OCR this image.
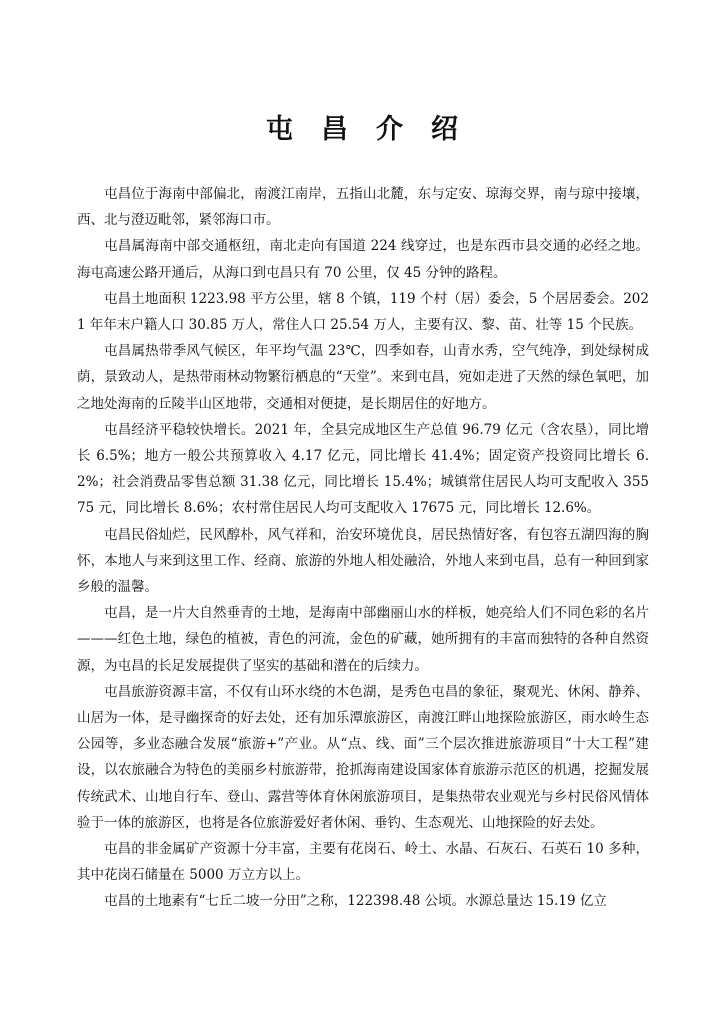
屯昌介绍

屯昌位于海南中部偏北，南渡江南岸，五指山北麓，东与定安、琼海交界，南与琼中接壤，西、北与澄迈毗邻，紧邻海口市。

屯昌属海南中部交通枢纽，南北走向有国道 224 线穿过，也是东西市县交通的必经之地。海屯高速公路开通后，从海口到屯昌只有 70 公里，仅 45 分钟的路程。

屯昌土地面积 1223.98 平方公里，辖 8 个镇，119 个村（居）委会，5 个居居委会。2021 年年末户籍人口 30.85 万人，常住人口 25.54 万人，主要有汉、黎、苗、壮等 15 个民族。

屯昌属热带季风气候区，年平均气温 23℃，四季如春，山青水秀，空气纯净，到处绿树成荫，景致动人，是热带雨林动物繁衍栖息的“天堂”。来到屯昌，宛如走进了天然的绿色氧吧，加之地处海南的丘陵半山区地带，交通相对便捷，是长期居住的好地方。

屯昌经济平稳较快增长。2021 年，全县完成地区生产总值 96.79 亿元（含农垦），同比增长 6.5%；地方一般公共预算收入 4.17 亿元，同比增长 41.4%；固定资产投资同比增长 6.2%；社会消费品零售总额 31.38 亿元，同比增长 15.4%；城镇常住居民人均可支配收入 35575 元，同比增长 8.6%；农村常住居民人均可支配收入 17675 元，同比增长 12.6%。

屯昌民俗灿烂，民风醇朴，风气祥和，治安环境优良，居民热情好客，有包容五湖四海的胸怀，本地人与来到这里工作、经商、旅游的外地人相处融洽，外地人来到屯昌，总有一种回到家乡般的温馨。

屯昌，是一片大自然垂青的土地，是海南中部幽丽山水的样板，她亮给人们不同色彩的名片———红色土地，绿色的植被，青色的河流，金色的矿藏，她所拥有的丰富而独特的各种自然资源，为屯昌的长足发展提供了坚实的基础和潜在的后续力。

屯昌旅游资源丰富，不仅有山环水绕的木色湖，是秀色屯昌的象征，聚观光、休闲、静养、山居为一体，是寻幽探奇的好去处，还有加乐潭旅游区，南渡江畔山地探险旅游区，雨水岭生态公园等，多业态融合发展“旅游+”产业。从“点、线、面”三个层次推进旅游项目“十大工程”建设，以农旅融合为特色的美丽乡村旅游带，抢抓海南建设国家体育旅游示范区的机遇，挖掘发展传统武术、山地自行车、登山、露营等体育休闲旅游项目，是集热带农业观光与乡村民俗风情体验于一体的旅游区，也将是各位旅游爱好者休闲、垂钓、生态观光、山地探险的好去处。

屯昌的非金属矿产资源十分丰富，主要有花岗石、岭土、水晶、石灰石、石英石 10 多种，其中花岗石储量在 5000 万立方以上。

屯昌的土地素有“七丘二坡一分田”之称，122398.48 公顷。水源总量达 15.19 亿立
